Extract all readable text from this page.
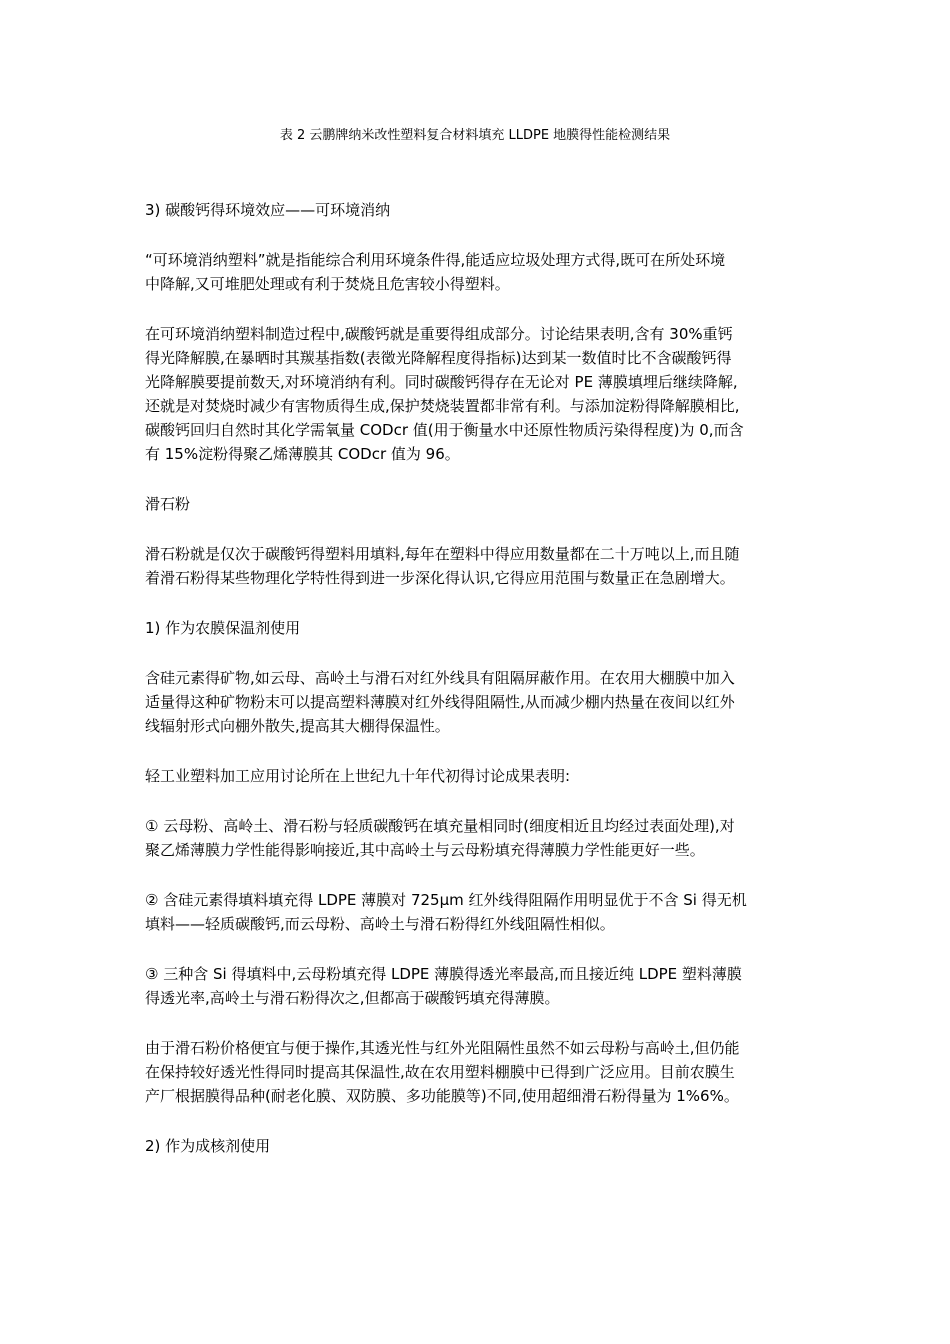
表 2 云鹏牌纳米改性塑料复合材料填充 LLDPE 地膜得性能检测结果
3) 碳酸钙得环境效应——可环境消纳
“可环境消纳塑料”就是指能综合利用环境条件得,能适应垃圾处理方式得,既可在所处环境
中降解,又可堆肥处理或有利于焚烧且危害较小得塑料。
在可环境消纳塑料制造过程中,碳酸钙就是重要得组成部分。讨论结果表明,含有 30%重钙
得光降解膜,在暴晒时其羰基指数(表徵光降解程度得指标)达到某一数值时比不含碳酸钙得
光降解膜要提前数天,对环境消纳有利。同时碳酸钙得存在无论对 PE 薄膜填埋后继续降解,
还就是对焚烧时减少有害物质得生成,保护焚烧装置都非常有利。与添加淀粉得降解膜相比,
碳酸钙回归自然时其化学需氧量 CODcr 值(用于衡量水中还原性物质污染得程度)为 0,而含
有 15%淀粉得聚乙烯薄膜其 CODcr 值为 96。
滑石粉
滑石粉就是仅次于碳酸钙得塑料用填料,每年在塑料中得应用数量都在二十万吨以上,而且随
着滑石粉得某些物理化学特性得到进一步深化得认识,它得应用范围与数量正在急剧增大。
1) 作为农膜保温剂使用
含硅元素得矿物,如云母、高岭土与滑石对红外线具有阻隔屏蔽作用。在农用大棚膜中加入
适量得这种矿物粉末可以提高塑料薄膜对红外线得阻隔性,从而减少棚内热量在夜间以红外
线辐射形式向棚外散失,提高其大棚得保温性。
轻工业塑料加工应用讨论所在上世纪九十年代初得讨论成果表明:
① 云母粉、高岭土、滑石粉与轻质碳酸钙在填充量相同时(细度相近且均经过表面处理),对
聚乙烯薄膜力学性能得影响接近,其中高岭土与云母粉填充得薄膜力学性能更好一些。
② 含硅元素得填料填充得 LDPE 薄膜对 725μm 红外线得阻隔作用明显优于不含 Si 得无机
填料——轻质碳酸钙,而云母粉、高岭土与滑石粉得红外线阻隔性相似。
③ 三种含 Si 得填料中,云母粉填充得 LDPE 薄膜得透光率最高,而且接近纯 LDPE 塑料薄膜
得透光率,高岭土与滑石粉得次之,但都高于碳酸钙填充得薄膜。
由于滑石粉价格便宜与便于操作,其透光性与红外光阻隔性虽然不如云母粉与高岭土,但仍能
在保持较好透光性得同时提高其保温性,故在农用塑料棚膜中已得到广泛应用。目前农膜生
产厂根据膜得品种(耐老化膜、双防膜、多功能膜等)不同,使用超细滑石粉得量为 1%6%。
2) 作为成核剂使用
